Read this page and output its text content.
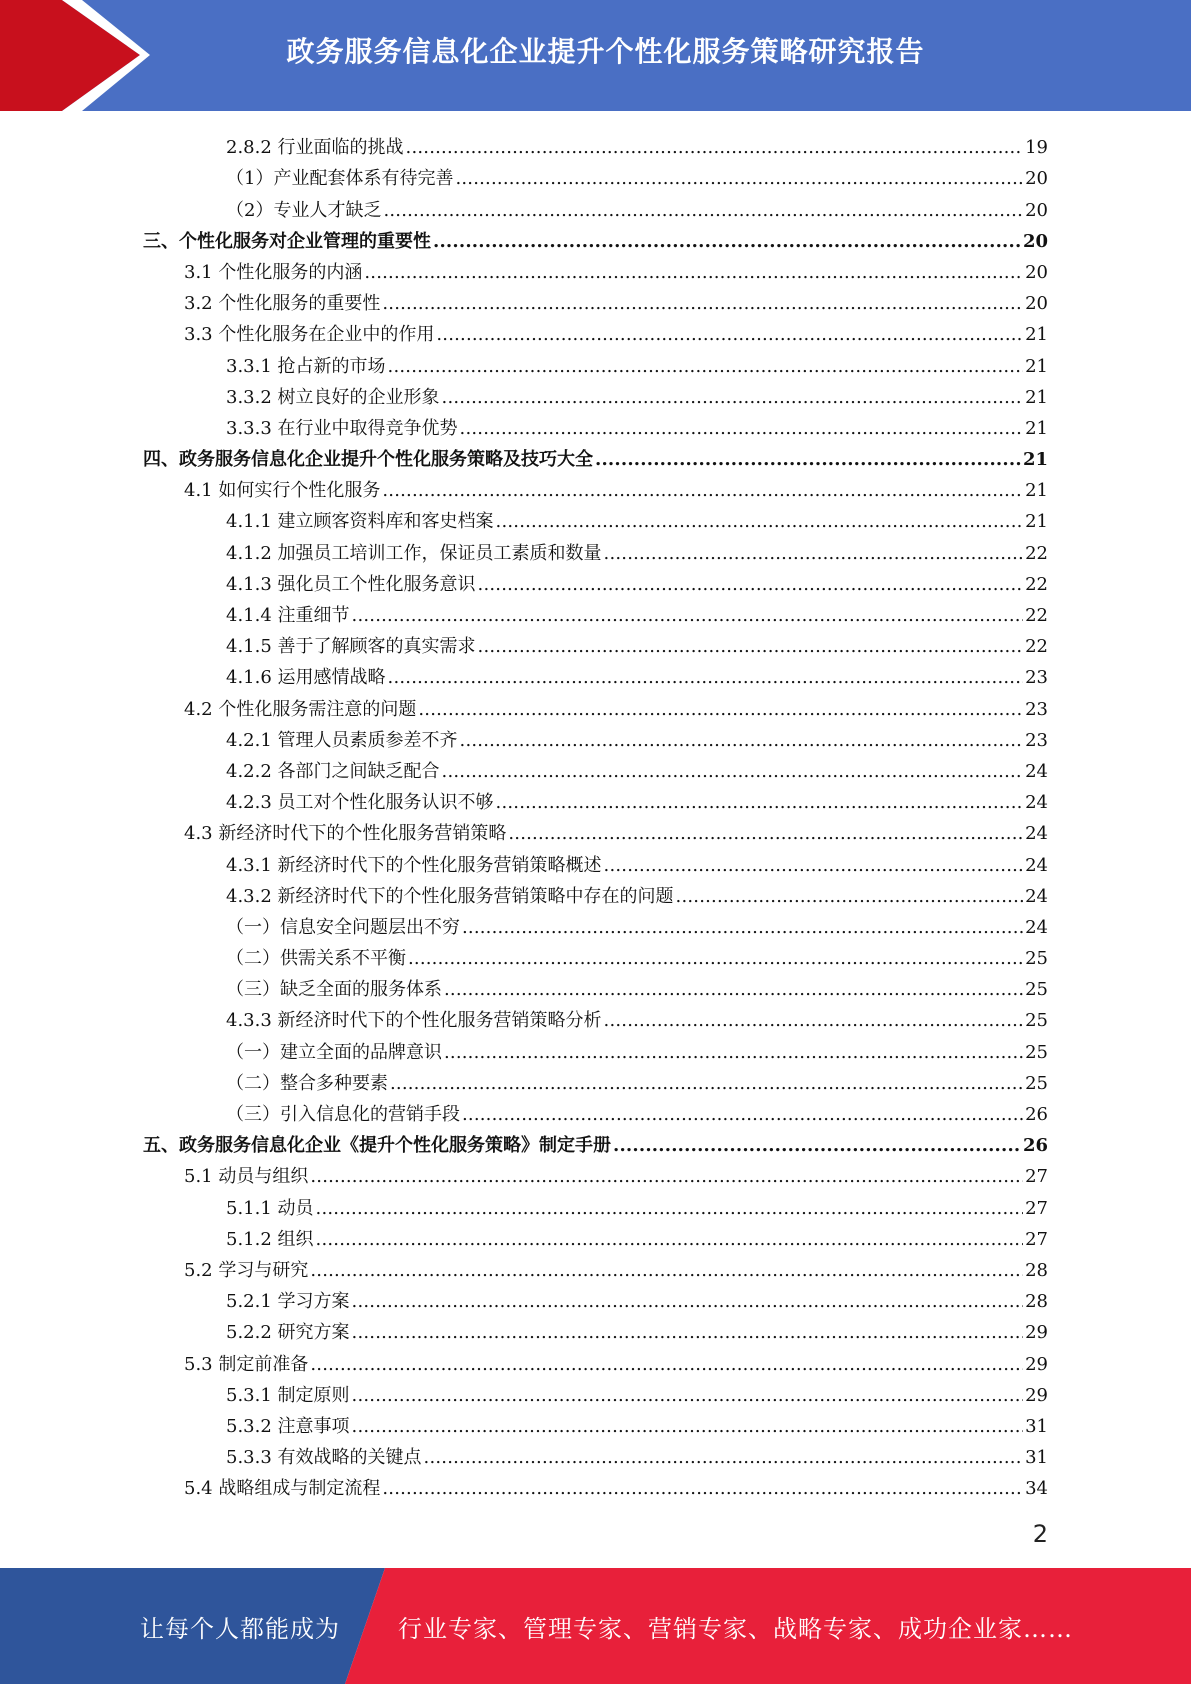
政务服务信息化企业提升个性化服务策略研究报告
2.8.2 行业面临的挑战 .....	19
（1）产业配套体系有待完善 .....	20
（2）专业人才缺乏 .....	20
三、个性化服务对企业管理的重要性 .....	20
3.1 个性化服务的内涵 .....	20
3.2 个性化服务的重要性 .....	20
3.3 个性化服务在企业中的作用 .....	21
3.3.1 抢占新的市场 .....	21
3.3.2 树立良好的企业形象 .....	21
3.3.3 在行业中取得竞争优势 .....	21
四、政务服务信息化企业提升个性化服务策略及技巧大全 .....	21
4.1 如何实行个性化服务 .....	21
4.1.1 建立顾客资料库和客史档案 .....	21
4.1.2 加强员工培训工作，保证员工素质和数量 .....	22
4.1.3 强化员工个性化服务意识 .....	22
4.1.4 注重细节 .....	22
4.1.5 善于了解顾客的真实需求 .....	22
4.1.6 运用感情战略 .....	23
4.2 个性化服务需注意的问题 .....	23
4.2.1 管理人员素质参差不齐 .....	23
4.2.2 各部门之间缺乏配合 .....	24
4.2.3 员工对个性化服务认识不够 .....	24
4.3 新经济时代下的个性化服务营销策略 .....	24
4.3.1 新经济时代下的个性化服务营销策略概述 .....	24
4.3.2 新经济时代下的个性化服务营销策略中存在的问题 .....	24
（一）信息安全问题层出不穷 .....	24
（二）供需关系不平衡 .....	25
（三）缺乏全面的服务体系 .....	25
4.3.3 新经济时代下的个性化服务营销策略分析 .....	25
（一）建立全面的品牌意识 .....	25
（二）整合多种要素 .....	25
（三）引入信息化的营销手段 .....	26
五、政务服务信息化企业《提升个性化服务策略》制定手册 .....	26
5.1 动员与组织 .....	27
5.1.1 动员 .....	27
5.1.2 组织 .....	27
5.2 学习与研究 .....	28
5.2.1 学习方案 .....	28
5.2.2 研究方案 .....	29
5.3 制定前准备 .....	29
5.3.1 制定原则 .....	29
5.3.2 注意事项 .....	31
5.3.3 有效战略的关键点 .....	31
5.4 战略组成与制定流程 .....	34
2
让每个人都能成为 行业专家、管理专家、营销专家、战略专家、成功企业家……
